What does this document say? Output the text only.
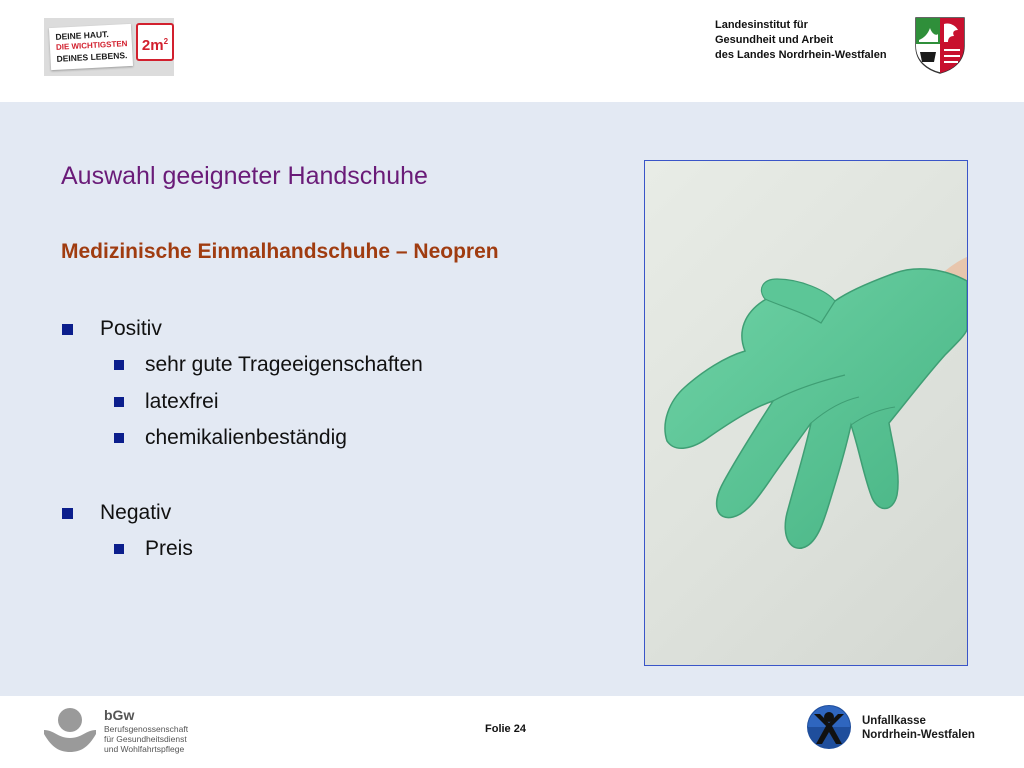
DEINE HAUT.
DIE WICHTIGSTEN
DEINES LEBENS.
$2m^2$
Landesinstitut für
Gesundheit und Arbeit
des Landes Nordrhein-Westfalen
Auswahl geeigneter Handschuhe
Medizinische Einmalhandschuhe – Neopren
Positiv
sehr gute Trageeigenschaften
latexfrei
chemikalienbeständig
Negativ
Preis
bGw
Berufsgenossenschaft
für Gesundheitsdienst
und Wohlfahrtspflege
Folie 24
Unfallkasse
Nordrhein-Westfalen
